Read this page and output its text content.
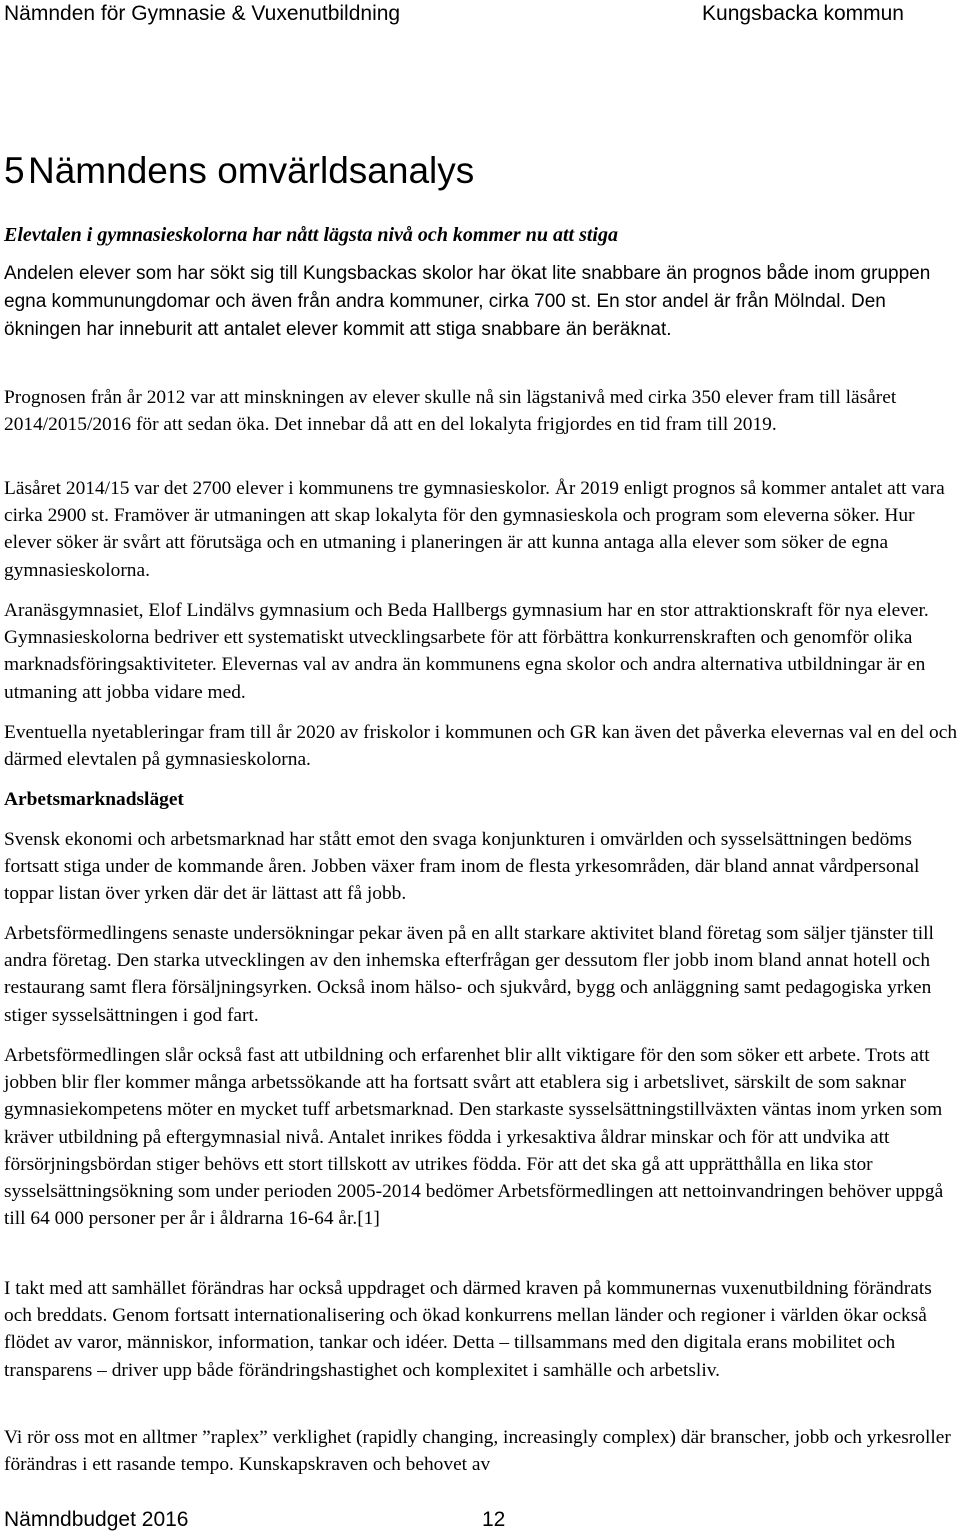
Nämnden för Gymnasie & Vuxenutbildning	Kungsbacka kommun
5Nämndens omvärldsanalys
Elevtalen i gymnasieskolorna har nått lägsta nivå och kommer nu att stiga

Andelen elever som har sökt sig till Kungsbackas skolor har ökat lite snabbare än prognos både inom gruppen egna kommunungdomar och även från andra kommuner, cirka 700 st. En stor andel är från Mölndal. Den ökningen har inneburit att antalet elever kommit att stiga snabbare än beräknat.

Prognosen från år 2012 var att minskningen av elever skulle nå sin lägstanivå med cirka 350 elever fram till läsåret 2014/2015/2016 för att sedan öka. Det innebar då att en del lokalyta frigjordes en tid fram till 2019.

Läsåret 2014/15 var det 2700 elever i kommunens tre gymnasieskolor. År 2019 enligt prognos så kommer antalet att vara cirka 2900 st. Framöver är utmaningen att skap lokalyta för den gymnasieskola och program som eleverna söker. Hur elever söker är svårt att förutsäga och en utmaning i planeringen är att kunna antaga alla elever som söker de egna gymnasieskolorna.

Aranäsgymnasiet, Elof Lindälvs gymnasium och Beda Hallbergs gymnasium har en stor attraktionskraft för nya elever. Gymnasieskolorna bedriver ett systematiskt utvecklingsarbete för att förbättra konkurrenskraften och genomför olika marknadsföringsaktiviteter. Elevernas val av andra än kommunens egna skolor och andra alternativa utbildningar är en utmaning att jobba vidare med.

Eventuella nyetableringar fram till år 2020 av friskolor i kommunen och GR kan även det påverka elevernas val en del och därmed elevtalen på gymnasieskolorna.

Arbetsmarknadsläget

Svensk ekonomi och arbetsmarknad har stått emot den svaga konjunkturen i omvärlden och sysselsättningen bedöms fortsatt stiga under de kommande åren. Jobben växer fram inom de flesta yrkesområden, där bland annat vårdpersonal toppar listan över yrken där det är lättast att få jobb.

Arbetsförmedlingens senaste undersökningar pekar även på en allt starkare aktivitet bland företag som säljer tjänster till andra företag. Den starka utvecklingen av den inhemska efterfrågan ger dessutom fler jobb inom bland annat hotell och restaurang samt flera försäljningsyrken. Också inom hälso- och sjukvård, bygg och anläggning samt pedagogiska yrken stiger sysselsättningen i god fart.

Arbetsförmedlingen slår också fast att utbildning och erfarenhet blir allt viktigare för den som söker ett arbete. Trots att jobben blir fler kommer många arbetssökande att ha fortsatt svårt att etablera sig i arbetslivet, särskilt de som saknar gymnasiekompetens möter en mycket tuff arbetsmarknad. Den starkaste sysselsättningstillväxten väntas inom yrken som kräver utbildning på eftergymnasial nivå. Antalet inrikes födda i yrkesaktiva åldrar minskar och för att undvika att försörjningsbördan stiger behövs ett stort tillskott av utrikes födda. För att det ska gå att upprätthålla en lika stor sysselsättningsökning som under perioden 2005-2014 bedömer Arbetsförmedlingen att nettoinvandringen behöver uppgå till 64 000 personer per år i åldrarna 16-64 år.[1]

I takt med att samhället förändras har också uppdraget och därmed kraven på kommunernas vuxenutbildning förändrats och breddats. Genom fortsatt internationalisering och ökad konkurrens mellan länder och regioner i världen ökar också flödet av varor, människor, information, tankar och idéer. Detta – tillsammans med den digitala erans mobilitet och transparens – driver upp både förändringshastighet och komplexitet i samhälle och arbetsliv.

Vi rör oss mot en alltmer ”raplex” verklighet (rapidly changing, increasingly complex) där branscher, jobb och yrkesroller förändras i ett rasande tempo. Kunskapskraven och behovet av

Nämndbudget 2016	12
